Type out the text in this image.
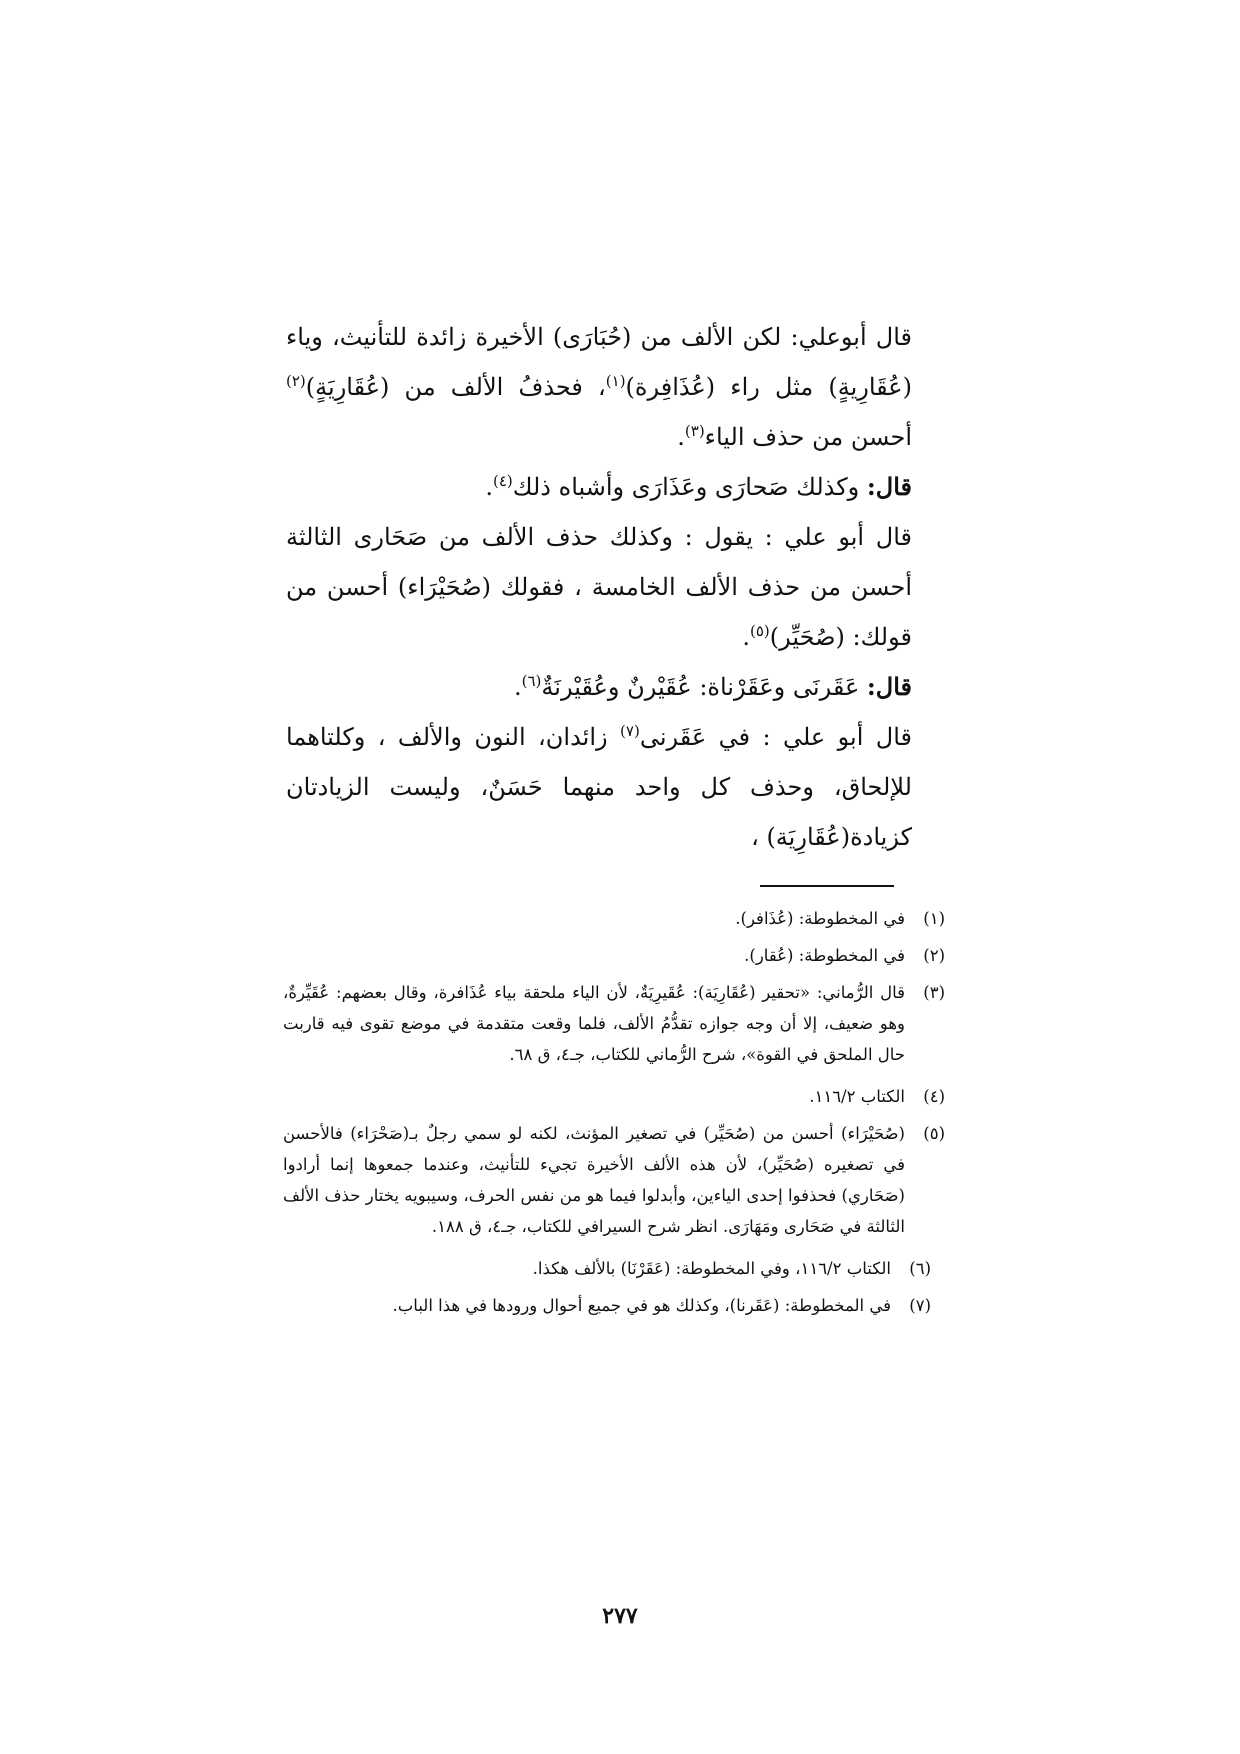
قال أبوعلي: لكن الألف من (حُبَارَى) الأخيرة زائدة للتأنيث، وياء (عُقَارِيةٍ) مثل راء (عُذَافِرة)$^{(١)}$، فحذفُ الألف من (عُقَارِيَةٍ)$^{(٢)}$ أحسن من حذف الياء$^{(٣)}$.

قال: وكذلك صَحارَى وعَذَارَى وأشباه ذلك$^{(٤)}$.

قال أبو علي : يقول : وكذلك حذف الألف من صَحَارى الثالثة أحسن من حذف الألف الخامسة ، فقولك (صُحَيْرَاء) أحسن من قولك: (صُحَيِّر)$^{(٥)}$.

قال: عَقَرنَى وعَقَرْناة: عُقَيْرنٌ وعُقَيْرنَةٌ$^{(٦)}$.

قال أبو علي : في عَقَرنى$^{(٧)}$ زائدان، النون والألف ، وكلتاهما للإلحاق، وحذف كل واحد منهما حَسَنٌ، وليست الزيادتان كزيادة(عُقَارِيَة) ،

(١)
في المخطوطة: (عُذَافر).
(٢)
في المخطوطة: (عُقار).
(٣)
قال الرُّماني: «تحقير (عُقَارِيَة): عُقَيرِيَةٌ، لأن الياء ملحقة بياء عُذَافرة، وقال بعضهم: عُقَيِّرةٌ، وهو ضعيف، إلا أن وجه جوازه تقدُّمُ الألف، فلما وقعت متقدمة في موضع تقوى فيه قاربت حال الملحق في القوة»، شرح الرُّماني للكتاب، جـ٤، ق ٦٨.
(٤)
الكتاب ١١٦/٢.
(٥)
(صُحَيْرَاء) أحسن من (صُحَيِّر) في تصغير المؤنث، لكنه لو سمي رجلٌ بـ(صَحْرَاء) فالأحسن في تصغيره (صُحَيِّر)، لأن هذه الألف الأخيرة تجيء للتأنيث، وعندما جمعوها إنما أرادوا (صَحَاري) فحذفوا إحدى الياءين، وأبدلوا فيما هو من نفس الحرف، وسيبويه يختار حذف الألف الثالثة في صَحَارى ومَهَارَى. انظر شرح السيرافي للكتاب، جـ٤، ق ١٨٨.
(٦)
الكتاب ١١٦/٢، وفي المخطوطة: (عَقَرْنَا) بالألف هكذا.
(٧)
في المخطوطة: (عَقَرنا)، وكذلك هو في جميع أحوال ورودها في هذا الباب.
٢٧٧
